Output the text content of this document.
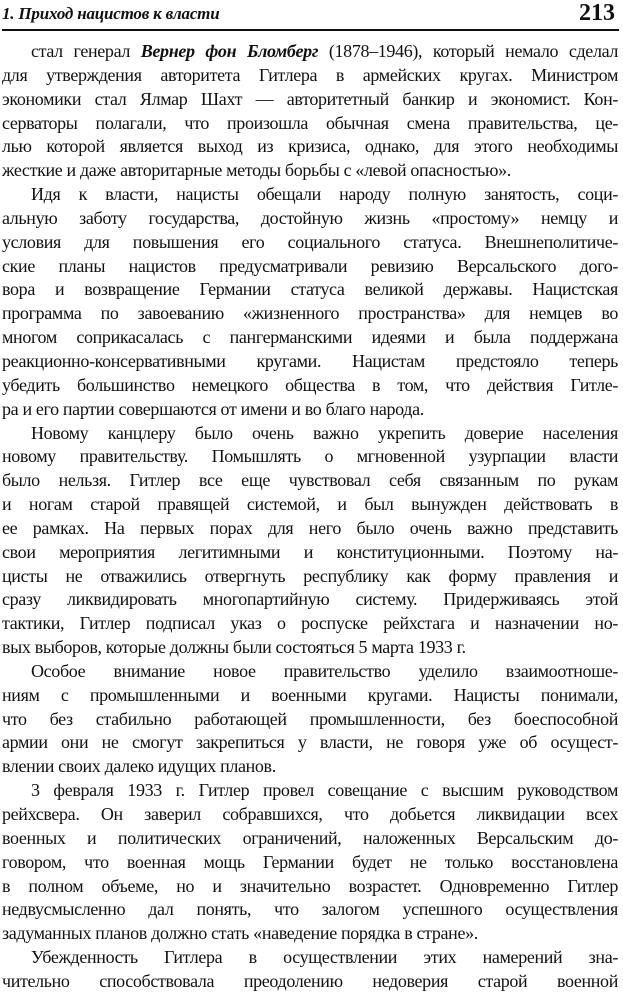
1. Приход нацистов к власти	213
стал генерал Вернер фон Бломберг (1878–1946), который немало сделал
для утверждения авторитета Гитлера в армейских кругах. Министром
экономики стал Ялмар Шахт — авторитетный банкир и экономист. Кон-
серваторы полагали, что произошла обычная смена правительства, це-
лью которой является выход из кризиса, однако, для этого необходимы
жесткие и даже авторитарные методы борьбы с «левой опасностью».
Идя к власти, нацисты обещали народу полную занятость, соци-
альную заботу государства, достойную жизнь «простому» немцу и
условия для повышения его социального статуса. Внешнеполитиче-
ские планы нацистов предусматривали ревизию Версальского дого-
вора и возвращение Германии статуса великой державы. Нацистская
программа по завоеванию «жизненного пространства» для немцев во
многом соприкасалась с пангерманскими идеями и была поддержана
реакционно-консервативными кругами. Нацистам предстояло теперь
убедить большинство немецкого общества в том, что действия Гитле-
ра и его партии совершаются от имени и во благо народа.
Новому канцлеру было очень важно укрепить доверие населения
новому правительству. Помышлять о мгновенной узурпации власти
было нельзя. Гитлер все еще чувствовал себя связанным по рукам
и ногам старой правящей системой, и был вынужден действовать в
ее рамках. На первых порах для него было очень важно представить
свои мероприятия легитимными и конституционными. Поэтому на-
цисты не отважились отвергнуть республику как форму правления и
сразу ликвидировать многопартийную систему. Придерживаясь этой
тактики, Гитлер подписал указ о роспуске рейхстага и назначении но-
вых выборов, которые должны были состояться 5 марта 1933 г.
Особое внимание новое правительство уделило взаимоотноше-
ниям с промышленными и военными кругами. Нацисты понимали,
что без стабильно работающей промышленности, без боеспособной
армии они не смогут закрепиться у власти, не говоря уже об осущест-
влении своих далеко идущих планов.
3 февраля 1933 г. Гитлер провел совещание с высшим руководством
рейхсвера. Он заверил собравшихся, что добьется ликвидации всех
военных и политических ограничений, наложенных Версальским до-
говором, что военная мощь Германии будет не только восстановлена
в полном объеме, но и значительно возрастет. Одновременно Гитлер
недвусмысленно дал понять, что залогом успешного осуществления
задуманных планов должно стать «наведение порядка в стране».
Убежденность Гитлера в осуществлении этих намерений зна-
чительно способствовала преодолению недоверия старой военной
